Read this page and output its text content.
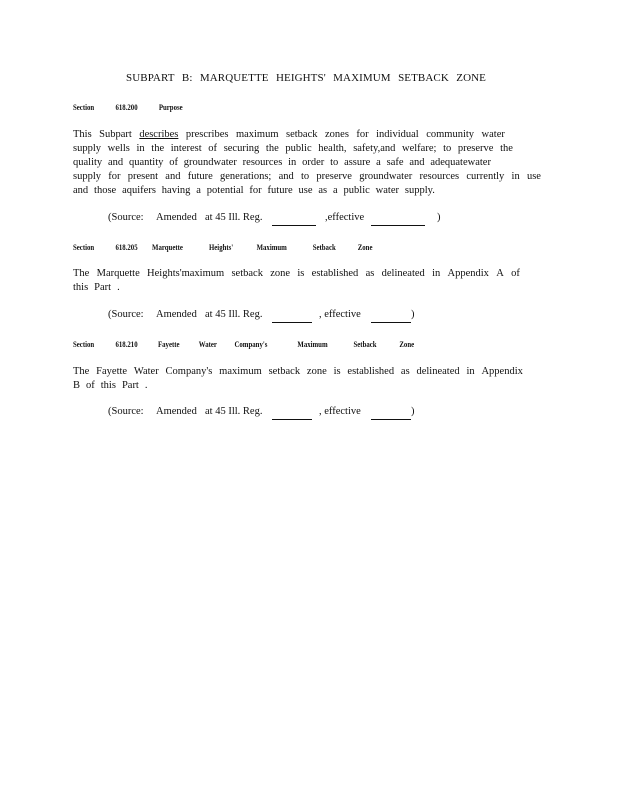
SUBPART B: MARQUETTE HEIGHTS' MAXIMUM SETBACK ZONE
Section	618.200	Purpose
This Subpart describes prescribes maximum setback zones for individual community water
supply wells in the interest of securing the public health, safety,and welfare; to preserve the
quality and quantity of groundwater resources in order to assure a safe and adequatewater
supply for present and future generations; and to preserve groundwater resources currently in use
and those aquifers having a potential for future use as a public water supply.
(Source: Amended at 45 Ill. Reg.	,effective	)
Section	618.205 Marquette	Heights'	Maximum	Setback	Zone
The Marquette Heights'maximum setback zone is established as delineated in Appendix A of
this Part .
(Source: Amended at 45 Ill. Reg.	, effective	)
Section	618.210	Fayette Water Company's	Maximum	Setback	Zone
The Fayette Water Company's maximum setback zone is established as delineated in Appendix
B of this Part .
(Source: Amended at 45 Ill. Reg.	, effective	)
